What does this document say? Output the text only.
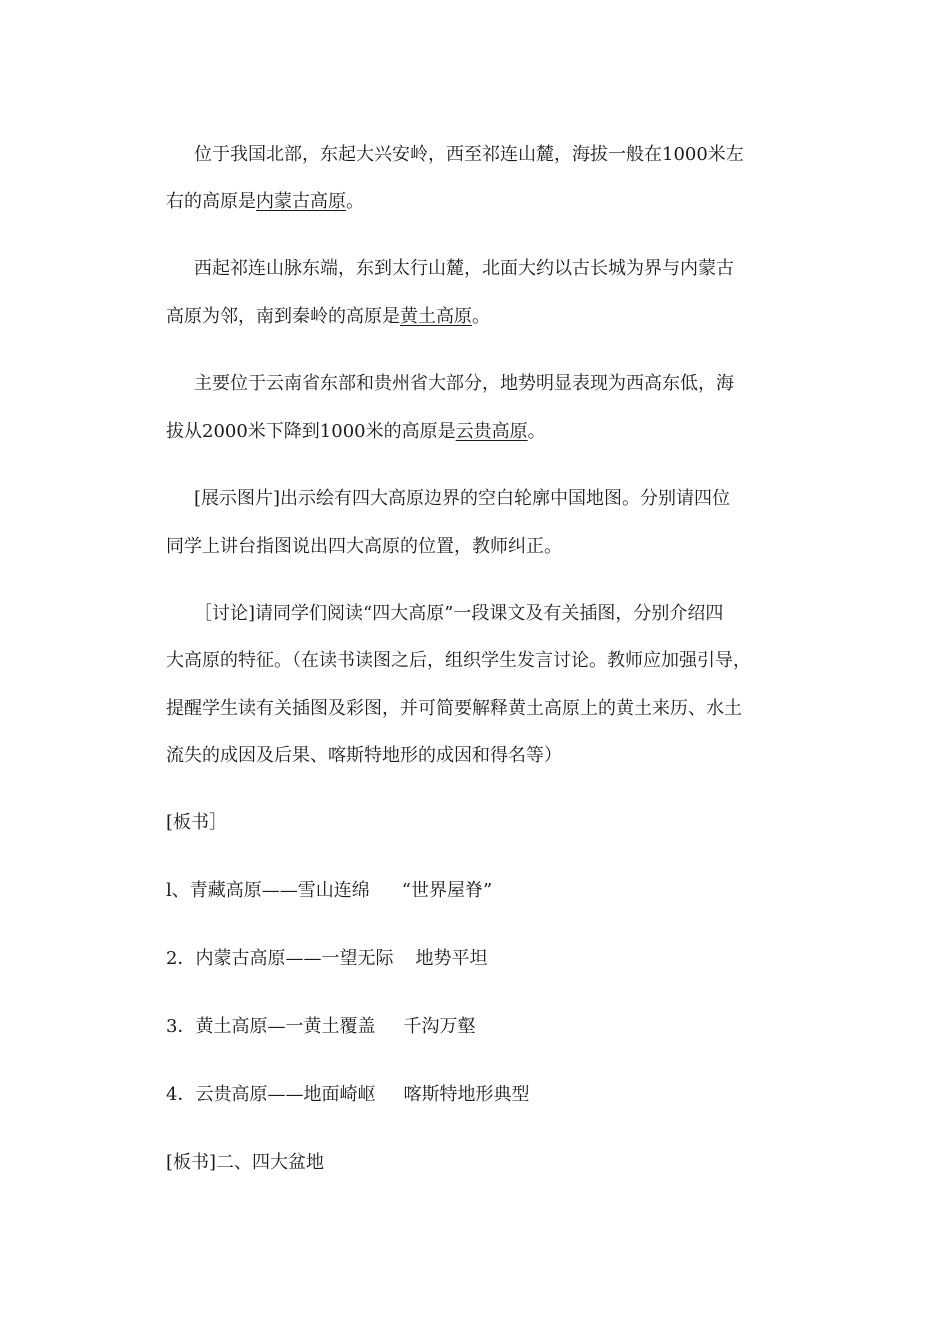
位于我国北部，东起大兴安岭，西至祁连山麓，海拔一般在1000米左
右的高原是内蒙古高原。
西起祁连山脉东端，东到太行山麓，北面大约以古长城为界与内蒙古
高原为邻，南到秦岭的高原是黄土高原。
主要位于云南省东部和贵州省大部分，地势明显表现为西高东低，海
拔从2000米下降到1000米的高原是云贵高原。
[展示图片]出示绘有四大高原边界的空白轮廓中国地图。分别请四位
同学上讲台指图说出四大高原的位置，教师纠正。
［讨论]请同学们阅读“四大高原”一段课文及有关插图，分别介绍四
大高原的特征。（在读书读图之后，组织学生发言讨论。教师应加强引导，
提醒学生读有关插图及彩图，并可简要解释黄土高原上的黄土来历、水土
流失的成因及后果、喀斯特地形的成因和得名等）
[板书］
l、青藏高原——雪山连绵 “世界屋脊”
2．内蒙古高原——一望无际 地势平坦
3．黄土高原—一黄土覆盖 千沟万壑
4．云贵高原——地面崎岖 喀斯特地形典型
[板书]二、四大盆地
